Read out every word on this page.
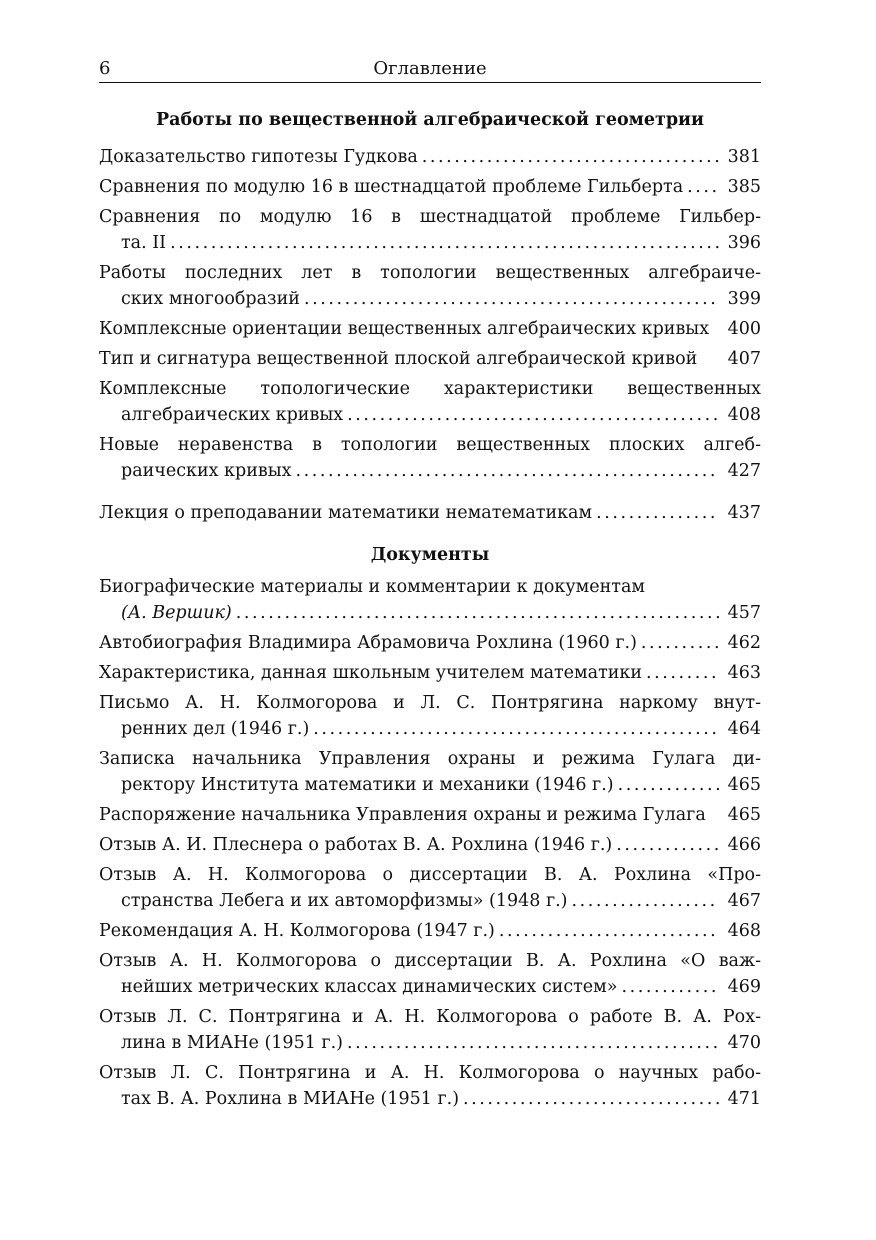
6	Оглавление
Работы по вещественной алгебраической геометрии
Доказательство гипотезы Гудкова . . .	381
Сравнения по модулю 16 в шестнадцатой проблеме Гильберта . . .	385
Сравнения по модулю 16 в шестнадцатой проблеме Гильбер-
та. II . . .	396
Работы последних лет в топологии вещественных алгебраиче-
ских многообразий . . .	399
Комплексные ориентации вещественных алгебраических кривых	400
Тип и сигнатура вещественной плоской алгебраической кривой	407
Комплексные топологические характеристики вещественных
алгебраических кривых . . .	408
Новые неравенства в топологии вещественных плоских алгеб-
раических кривых . . .	427
Лекция о преподавании математики нематематикам . . .	437
Документы
Биографические материалы и комментарии к документам
(А. Вершик) . . .	457
Автобиография Владимира Абрамовича Рохлина (1960 г.) . . .	462
Характеристика, данная школьным учителем математики . . .	463
Письмо А. Н. Колмогорова и Л. С. Понтрягина наркому внут-
ренних дел (1946 г.) . . .	464
Записка начальника Управления охраны и режима Гулага ди-
ректору Института математики и механики (1946 г.) . . .	465
Распоряжение начальника Управления охраны и режима Гулага	465
Отзыв А. И. Плеснера о работах В. А. Рохлина (1946 г.) . . .	466
Отзыв А. Н. Колмогорова о диссертации В. А. Рохлина «Про-
странства Лебега и их автоморфизмы» (1948 г.) . . .	467
Рекомендация А. Н. Колмогорова (1947 г.) . . .	468
Отзыв А. Н. Колмогорова о диссертации В. А. Рохлина «О важ-
нейших метрических классах динамических систем» . . .	469
Отзыв Л. С. Понтрягина и А. Н. Колмогорова о работе В. А. Рох-
лина в МИАНе (1951 г.) . . .	470
Отзыв Л. С. Понтрягина и А. Н. Колмогорова о научных рабо-
тах В. А. Рохлина в МИАНе (1951 г.) . . .	471
